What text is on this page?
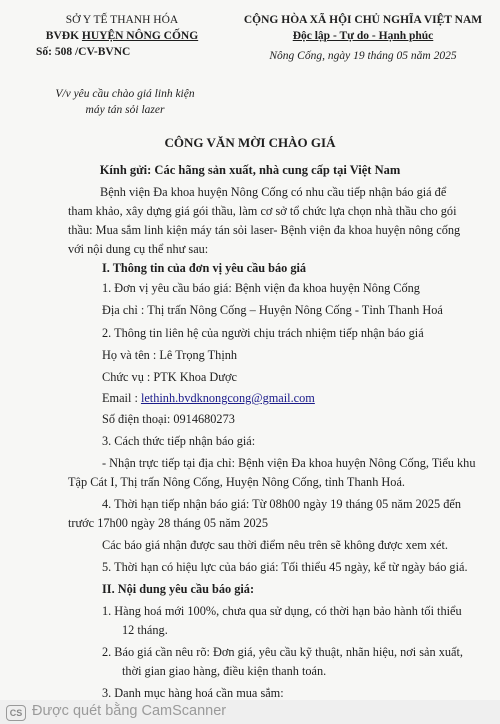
SỞ Y TẾ THANH HÓA
BVĐK HUYỆN NÔNG CỐNG
Số: 508 /CV-BVNC
V/v yêu cầu chào giá linh kiện
máy tán sỏi lazer
CỘNG HÒA XÃ HỘI CHỦ NGHĨA VIỆT NAM
Độc lập - Tự do - Hạnh phúc
Nông Cống, ngày 19 tháng 05 năm 2025
CÔNG VĂN MỜI CHÀO GIÁ
Kính gửi: Các hãng sản xuất, nhà cung cấp tại Việt Nam
Bệnh viện Đa khoa huyện Nông Cống có nhu cầu tiếp nhận báo giá để
tham khảo, xây dựng giá gói thầu, làm cơ sở tổ chức lựa chọn nhà thầu cho gói
thầu: Mua sắm linh kiện máy tán sỏi laser- Bệnh viện đa khoa huyện nông cống
với nội dung cụ thể như sau:
I. Thông tin của đơn vị yêu cầu báo giá
1. Đơn vị yêu cầu báo giá: Bệnh viện đa khoa huyện Nông Cống
Địa chỉ : Thị trấn Nông Cống – Huyện Nông Cống - Tỉnh Thanh Hoá
2. Thông tin liên hệ của người chịu trách nhiệm tiếp nhận báo giá
Họ và tên : Lê Trọng Thịnh
Chức vụ : PTK Khoa Dược
Email : lethinh.bvdknongcong@gmail.com
Số điện thoại: 0914680273
3. Cách thức tiếp nhận báo giá:
- Nhận trực tiếp tại địa chỉ: Bệnh viện Đa khoa huyện Nông Cống, Tiểu khu
Tập Cát I, Thị trấn Nông Cống, Huyện Nông Cống, tỉnh Thanh Hoá.
4. Thời hạn tiếp nhận báo giá: Từ 08h00 ngày 19 tháng 05 năm 2025 đến
trước 17h00 ngày 28 tháng 05 năm 2025
Các báo giá nhận được sau thời điểm nêu trên sẽ không được xem xét.
5. Thời hạn có hiệu lực của báo giá: Tối thiểu 45 ngày, kể từ ngày báo giá.
II. Nội dung yêu cầu báo giá:
1. Hàng hoá mới 100%, chưa qua sử dụng, có thời hạn bảo hành tối thiểu
12 tháng.
2. Báo giá cần nêu rõ: Đơn giá, yêu cầu kỹ thuật, nhãn hiệu, nơi sản xuất,
thời gian giao hàng, điều kiện thanh toán.
3. Danh mục hàng hoá cần mua sắm:
CS Được quét bằng CamScanner
